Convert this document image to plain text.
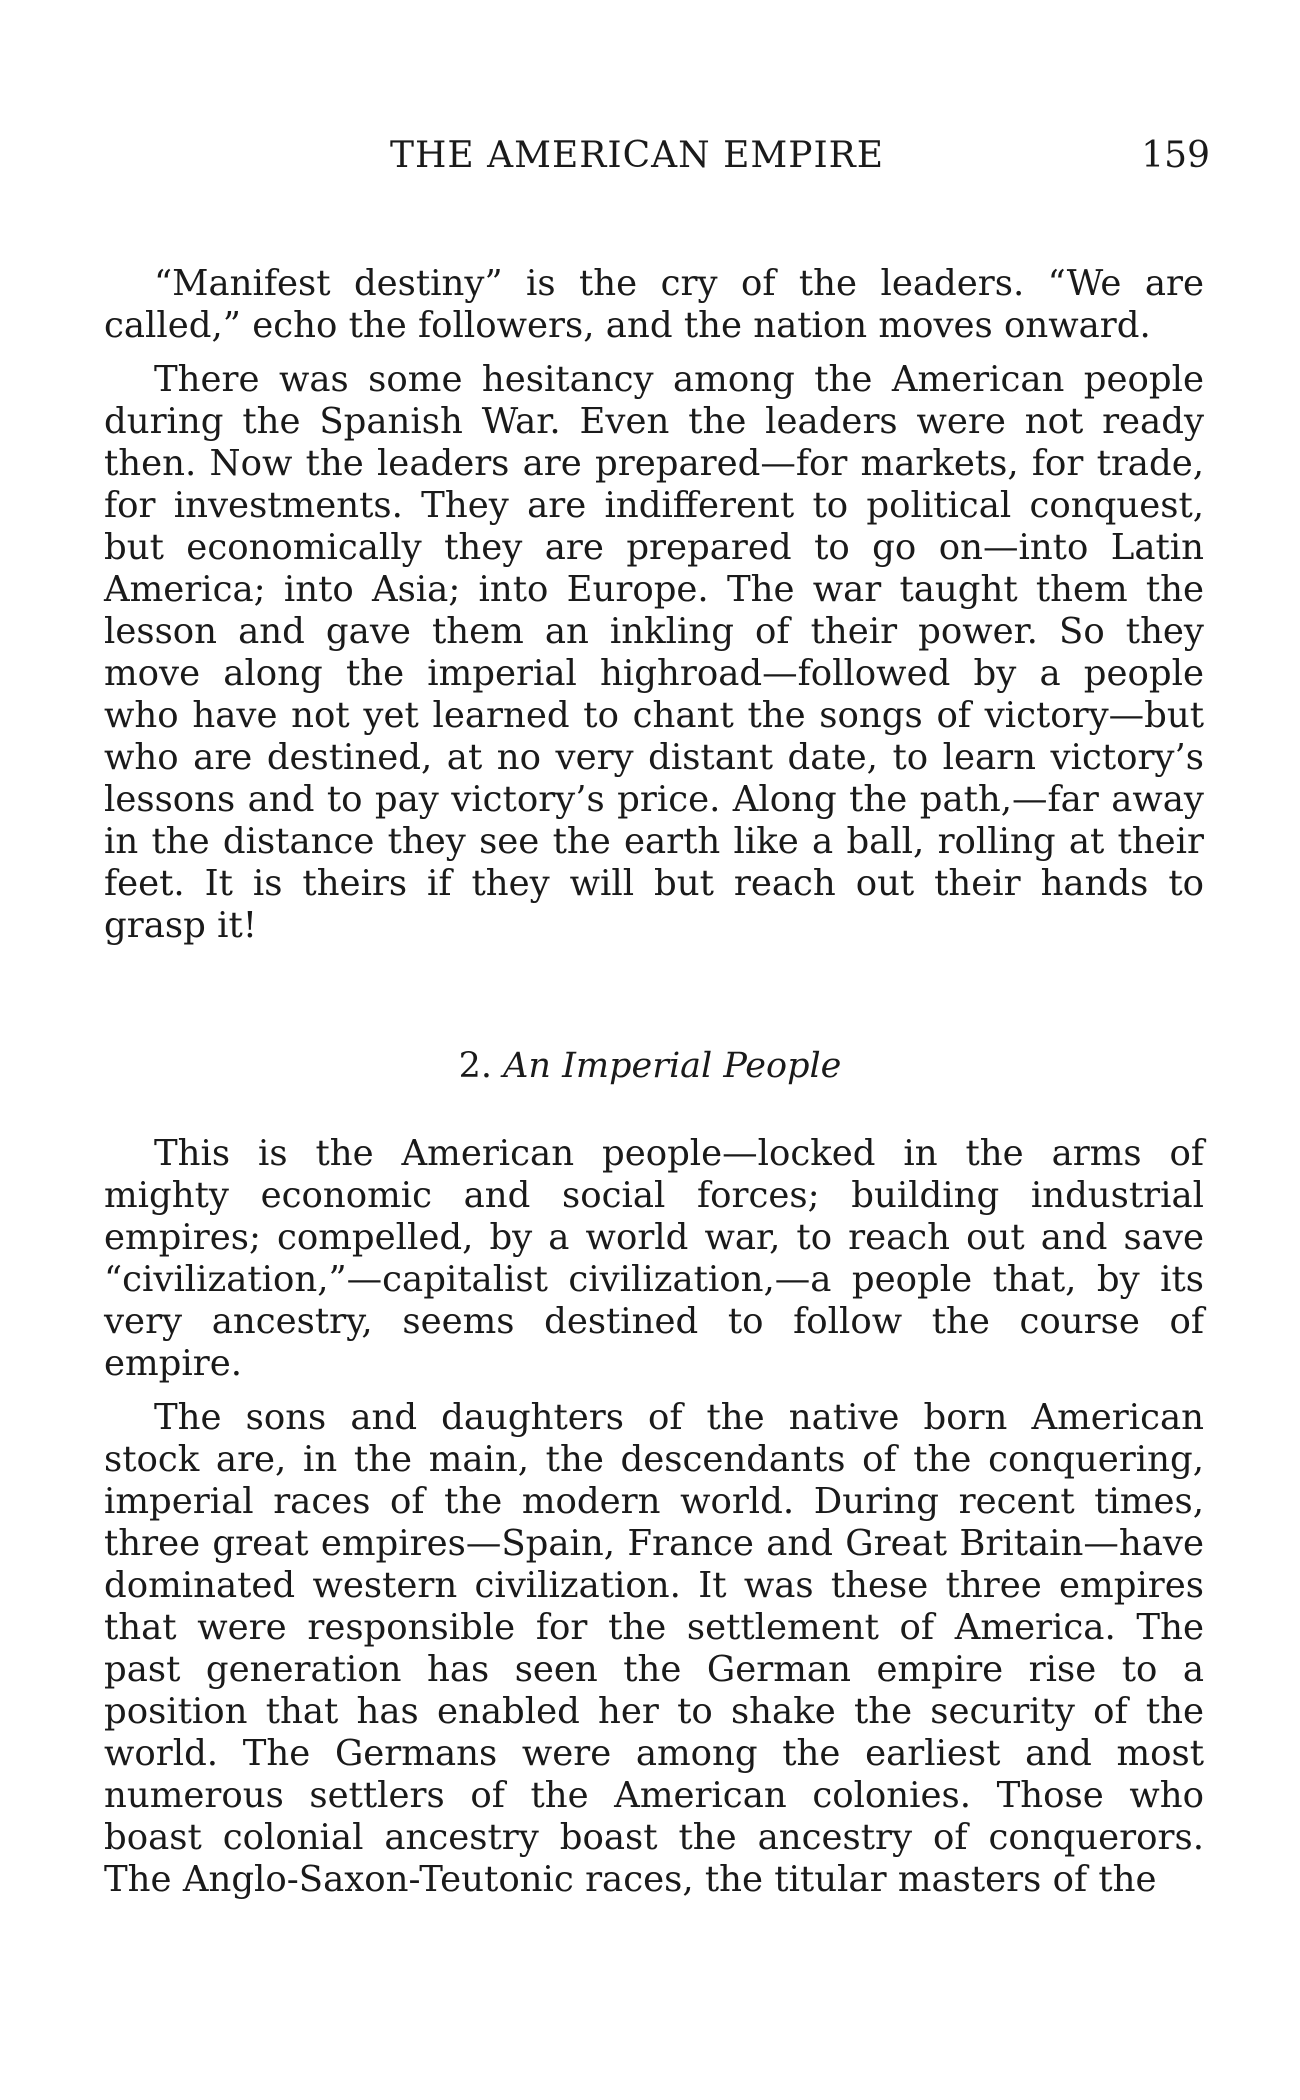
THE AMERICAN EMPIRE	159

“Manifest destiny” is the cry of the leaders. “We are called,” echo the followers, and the nation moves onward.

There was some hesitancy among the American people during the Spanish War. Even the leaders were not ready then. Now the leaders are prepared—for markets, for trade, for investments. They are indifferent to political conquest, but economically they are prepared to go on—into Latin America; into Asia; into Europe. The war taught them the lesson and gave them an inkling of their power. So they move along the imperial highroad—followed by a people who have not yet learned to chant the songs of victory—but who are destined, at no very distant date, to learn victory’s lessons and to pay victory’s price. Along the path,—far away in the distance they see the earth like a ball, rolling at their feet. It is theirs if they will but reach out their hands to grasp it!

2. An Imperial People

This is the American people—locked in the arms of mighty economic and social forces; building industrial empires; compelled, by a world war, to reach out and save “civilization,”—capitalist civilization,—a people that, by its very ancestry, seems destined to follow the course of empire.

The sons and daughters of the native born American stock are, in the main, the descendants of the conquering, imperial races of the modern world. During recent times, three great empires—Spain, France and Great Britain—have dominated western civilization. It was these three empires that were responsible for the settlement of America. The past generation has seen the German empire rise to a position that has enabled her to shake the security of the world. The Germans were among the earliest and most numerous settlers of the American colonies. Those who boast colonial ancestry boast the ancestry of conquerors. The Anglo-Saxon-Teutonic races, the titular masters of the
